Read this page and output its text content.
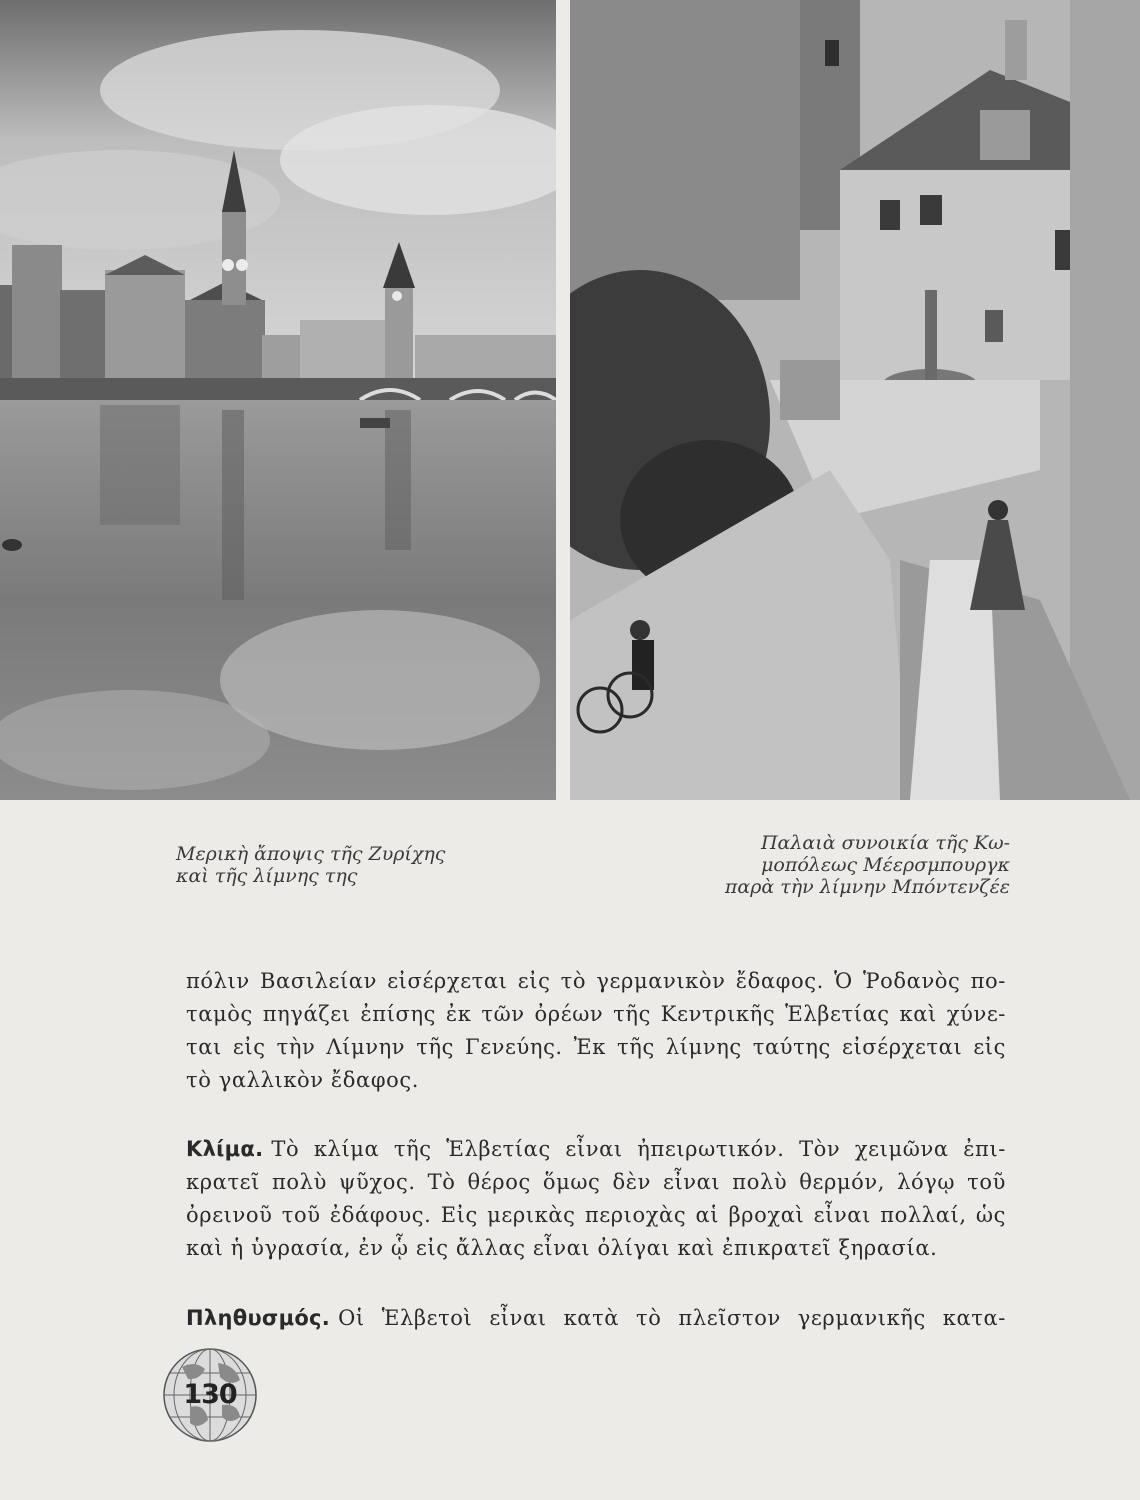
Μερικὴ ἄποψις τῆς Ζυρίχης
καὶ τῆς λίμνης της
Παλαιὰ συνοικία τῆς Κω-
μοπόλεως Μέερσμπουργκ
παρὰ τὴν λίμνην Μπόντενζέε
πόλιν Βασιλείαν εἰσέρχεται εἰς τὸ γερμανικὸν ἔδαφος. Ὁ Ῥοδανὸς πο-
ταμὸς πηγάζει ἐπίσης ἐκ τῶν ὀρέων τῆς Κεντρικῆς Ἑλβετίας καὶ χύνε-
ται εἰς τὴν Λίμνην τῆς Γενεύης. Ἐκ τῆς λίμνης ταύτης εἰσέρχεται εἰς
τὸ γαλλικὸν ἔδαφος.
Κλίμα. Τὸ κλίμα τῆς Ἑλβετίας εἶναι ἠπειρωτικόν. Τὸν χειμῶνα ἐπι-
κρατεῖ πολὺ ψῦχος. Τὸ θέρος ὅμως δὲν εἶναι πολὺ θερμόν, λόγῳ τοῦ
ὀρεινοῦ τοῦ ἐδάφους. Εἰς μερικὰς περιοχὰς αἱ βροχαὶ εἶναι πολλαί, ὡς
καὶ ἡ ὑγρασία, ἐν ᾧ εἰς ἄλλας εἶναι ὀλίγαι καὶ ἐπικρατεῖ ξηρασία.
Πληθυσμός. Οἱ Ἑλβετοὶ εἶναι κατὰ τὸ πλεῖστον γερμανικῆς κατα-
130
